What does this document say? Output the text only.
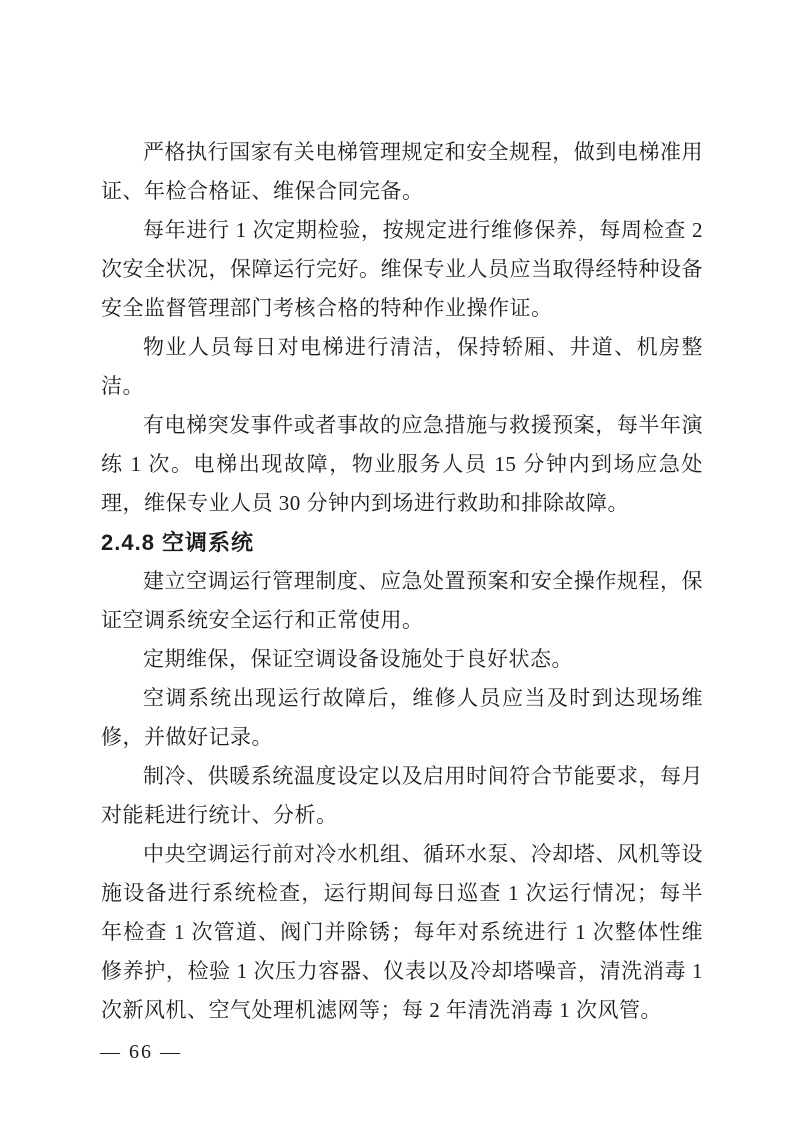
严格执行国家有关电梯管理规定和安全规程，做到电梯准用证、年检合格证、维保合同完备。

每年进行 1 次定期检验，按规定进行维修保养，每周检查 2 次安全状况，保障运行完好。维保专业人员应当取得经特种设备安全监督管理部门考核合格的特种作业操作证。

物业人员每日对电梯进行清洁，保持轿厢、井道、机房整洁。

有电梯突发事件或者事故的应急措施与救援预案，每半年演练 1 次。电梯出现故障，物业服务人员 15 分钟内到场应急处理，维保专业人员 30 分钟内到场进行救助和排除故障。

2.4.8 空调系统

建立空调运行管理制度、应急处置预案和安全操作规程，保证空调系统安全运行和正常使用。

定期维保，保证空调设备设施处于良好状态。

空调系统出现运行故障后，维修人员应当及时到达现场维修，并做好记录。

制冷、供暖系统温度设定以及启用时间符合节能要求，每月对能耗进行统计、分析。

中央空调运行前对冷水机组、循环水泵、冷却塔、风机等设施设备进行系统检查，运行期间每日巡查 1 次运行情况；每半年检查 1 次管道、阀门并除锈；每年对系统进行 1 次整体性维修养护，检验 1 次压力容器、仪表以及冷却塔噪音，清洗消毒 1 次新风机、空气处理机滤网等；每 2 年清洗消毒 1 次风管。

— 66 —
